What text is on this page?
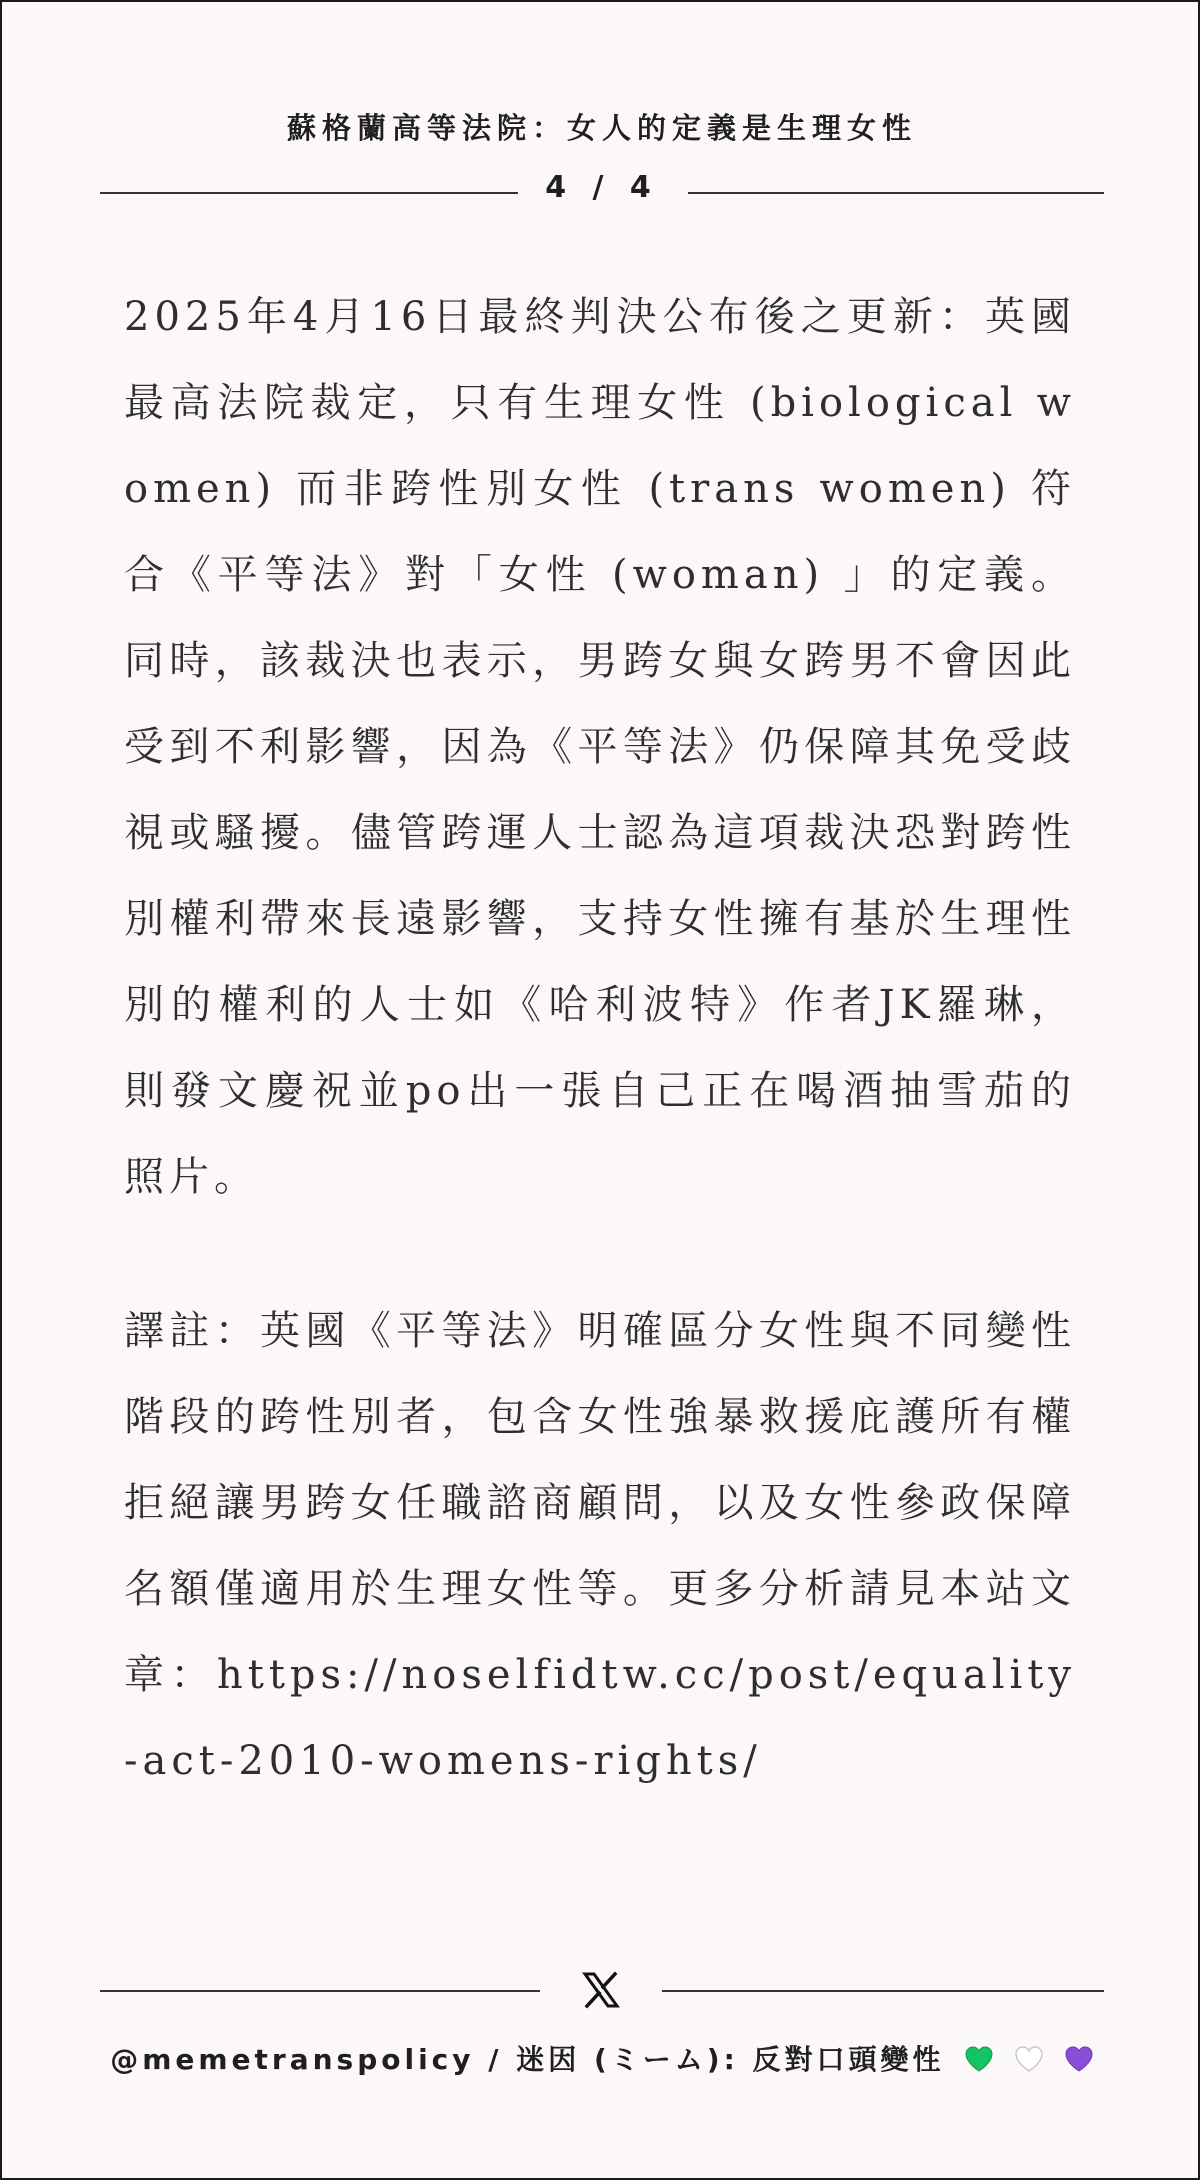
蘇格蘭高等法院：女人的定義是生理女性
4 / 4

2025年4月16日最終判決公布後之更新：英國最高法院裁定，只有生理女性 (biological women) 而非跨性別女性 (trans women) 符合《平等法》對「女性 (woman) 」的定義。同時，該裁決也表示，男跨女與女跨男不會因此受到不利影響，因為《平等法》仍保障其免受歧視或騷擾。儘管跨運人士認為這項裁決恐對跨性別權利帶來長遠影響，支持女性擁有基於生理性別的權利的人士如《哈利波特》作者JK羅琳，則發文慶祝並po出一張自己正在喝酒抽雪茄的照片。

譯註：英國《平等法》明確區分女性與不同變性階段的跨性別者，包含女性強暴救援庇護所有權拒絕讓男跨女任職諮商顧問，以及女性參政保障名額僅適用於生理女性等。更多分析請見本站文章：https://noselfidtw.cc/post/equality-act-2010-womens-rights/

@memetranspolicy / 迷因 (ミーム): 反對口頭變性
